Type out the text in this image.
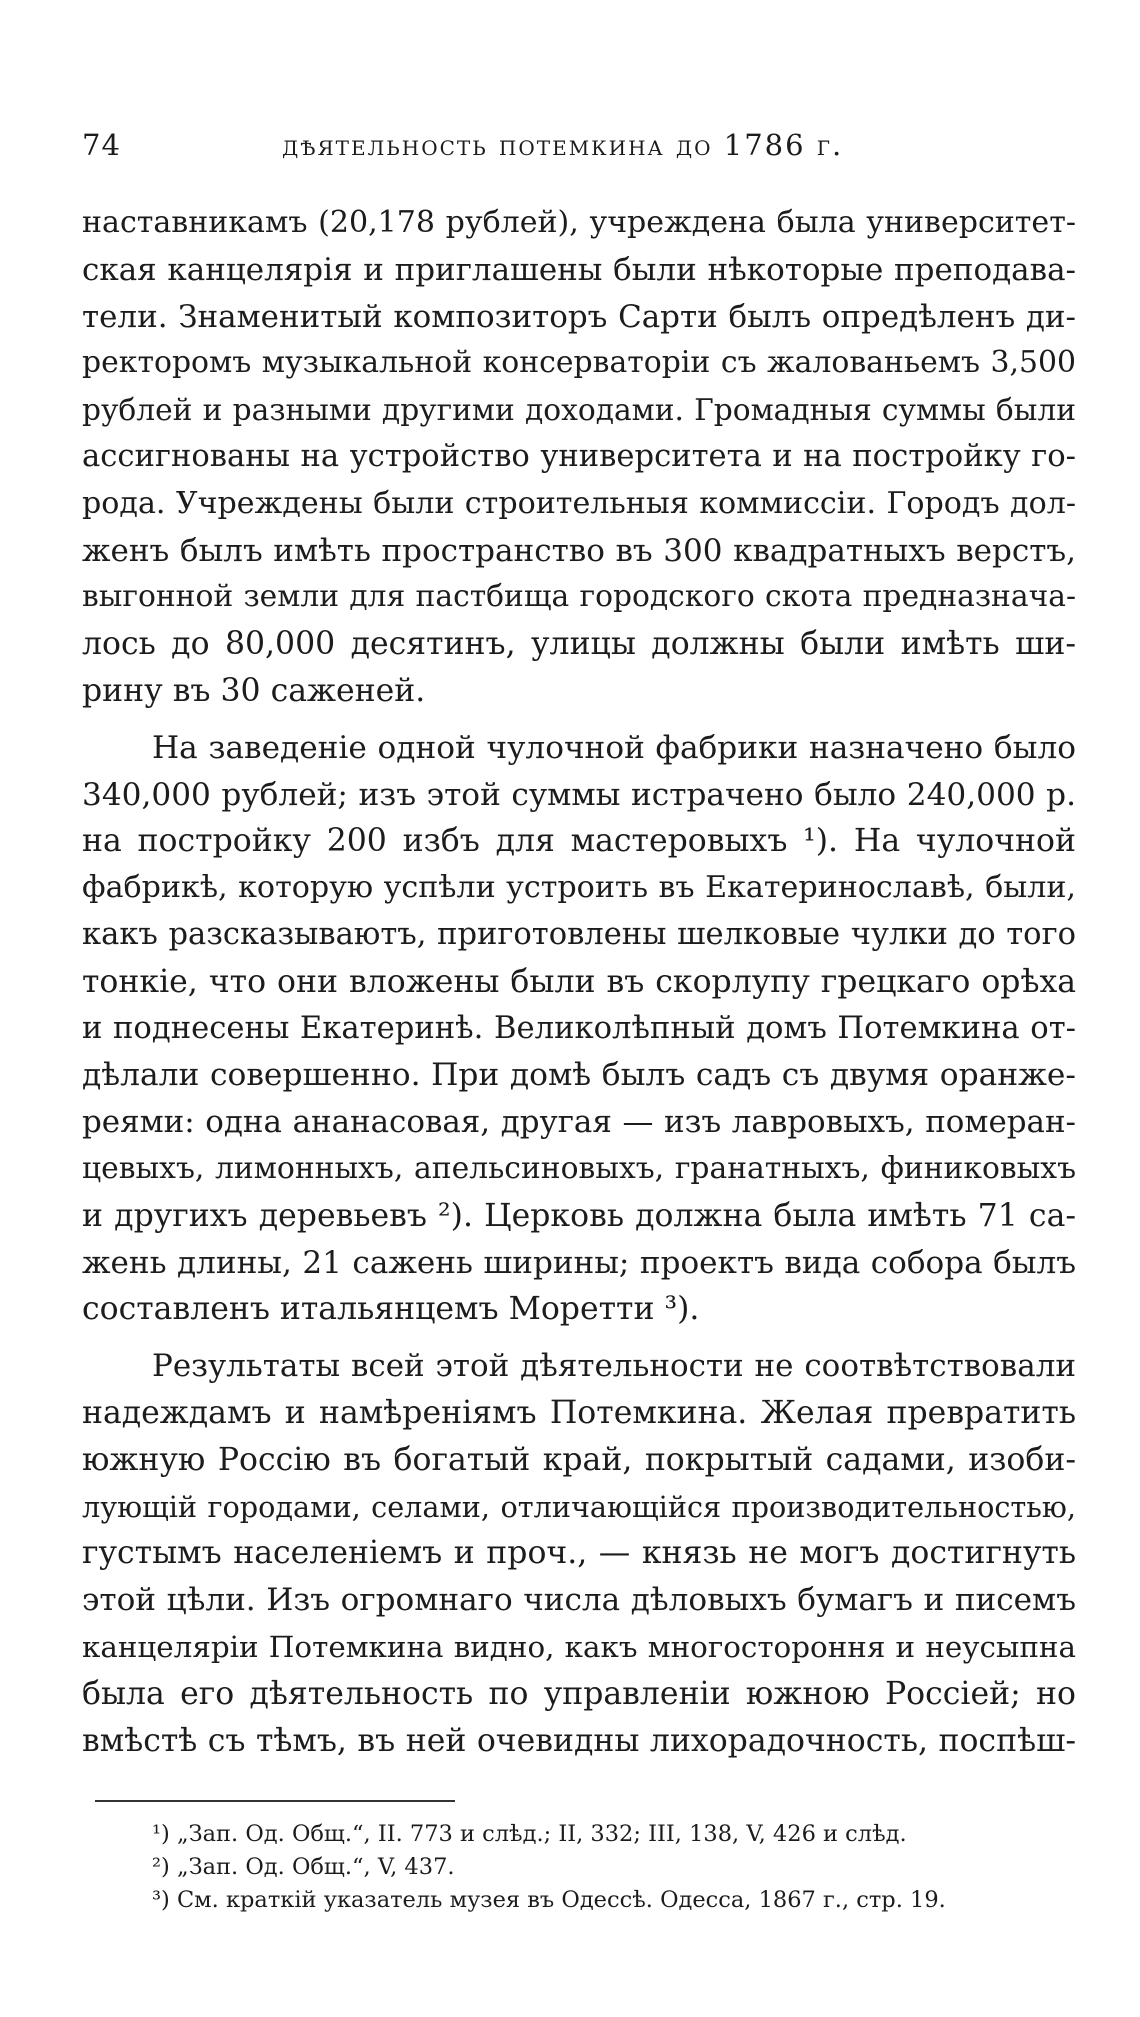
74	дѣятельность потемкина до 1786 г.
наставникамъ (20,178 рублей), учреждена была университет-
ская канцелярія и приглашены были нѣкоторые преподава-
тели. Знаменитый композиторъ Сарти былъ опредѣленъ ди-
ректоромъ музыкальной консерваторіи съ жалованьемъ 3,500
рублей и разными другими доходами. Громадныя суммы были
ассигнованы на устройство университета и на постройку го-
рода. Учреждены были строительныя коммиссіи. Городъ дол-
женъ былъ имѣть пространство въ 300 квадратныхъ верстъ,
выгонной земли для пастбища городского скота предназнача-
лось до 80,000 десятинъ, улицы должны были имѣть ши-
рину въ 30 саженей.
На заведеніе одной чулочной фабрики назначено было
340,000 рублей; изъ этой суммы истрачено было 240,000 р.
на постройку 200 избъ для мастеровыхъ ¹). На чулочной
фабрикѣ, которую успѣли устроить въ Екатеринославѣ, были,
какъ разсказываютъ, приготовлены шелковые чулки до того
тонкіе, что они вложены были въ скорлупу грецкаго орѣха
и поднесены Екатеринѣ. Великолѣпный домъ Потемкина от-
дѣлали совершенно. При домѣ былъ садъ съ двумя оранже-
реями: одна ананасовая, другая — изъ лавровыхъ, померан-
цевыхъ, лимонныхъ, апельсиновыхъ, гранатныхъ, финиковыхъ
и другихъ деревьевъ ²). Церковь должна была имѣть 71 са-
жень длины, 21 сажень ширины; проектъ вида собора былъ
составленъ итальянцемъ Моретти ³).
Результаты всей этой дѣятельности не соотвѣтствовали
надеждамъ и намѣреніямъ Потемкина. Желая превратить
южную Россію въ богатый край, покрытый садами, изоби-
лующій городами, селами, отличающійся производительностью,
густымъ населеніемъ и проч., — князь не могъ достигнуть
этой цѣли. Изъ огромнаго числа дѣловыхъ бумагъ и писемъ
канцеляріи Потемкина видно, какъ многостороння и неусыпна
была его дѣятельность по управленіи южною Россіей; но
вмѣстѣ съ тѣмъ, въ ней очевидны лихорадочность, поспѣш-
¹) „Зап. Од. Общ.“, II. 773 и слѣд.; II, 332; III, 138, V, 426 и слѣд.
²) „Зап. Од. Общ.“, V, 437.
³) См. краткій указатель музея въ Одессѣ. Одесса, 1867 г., стр. 19.
